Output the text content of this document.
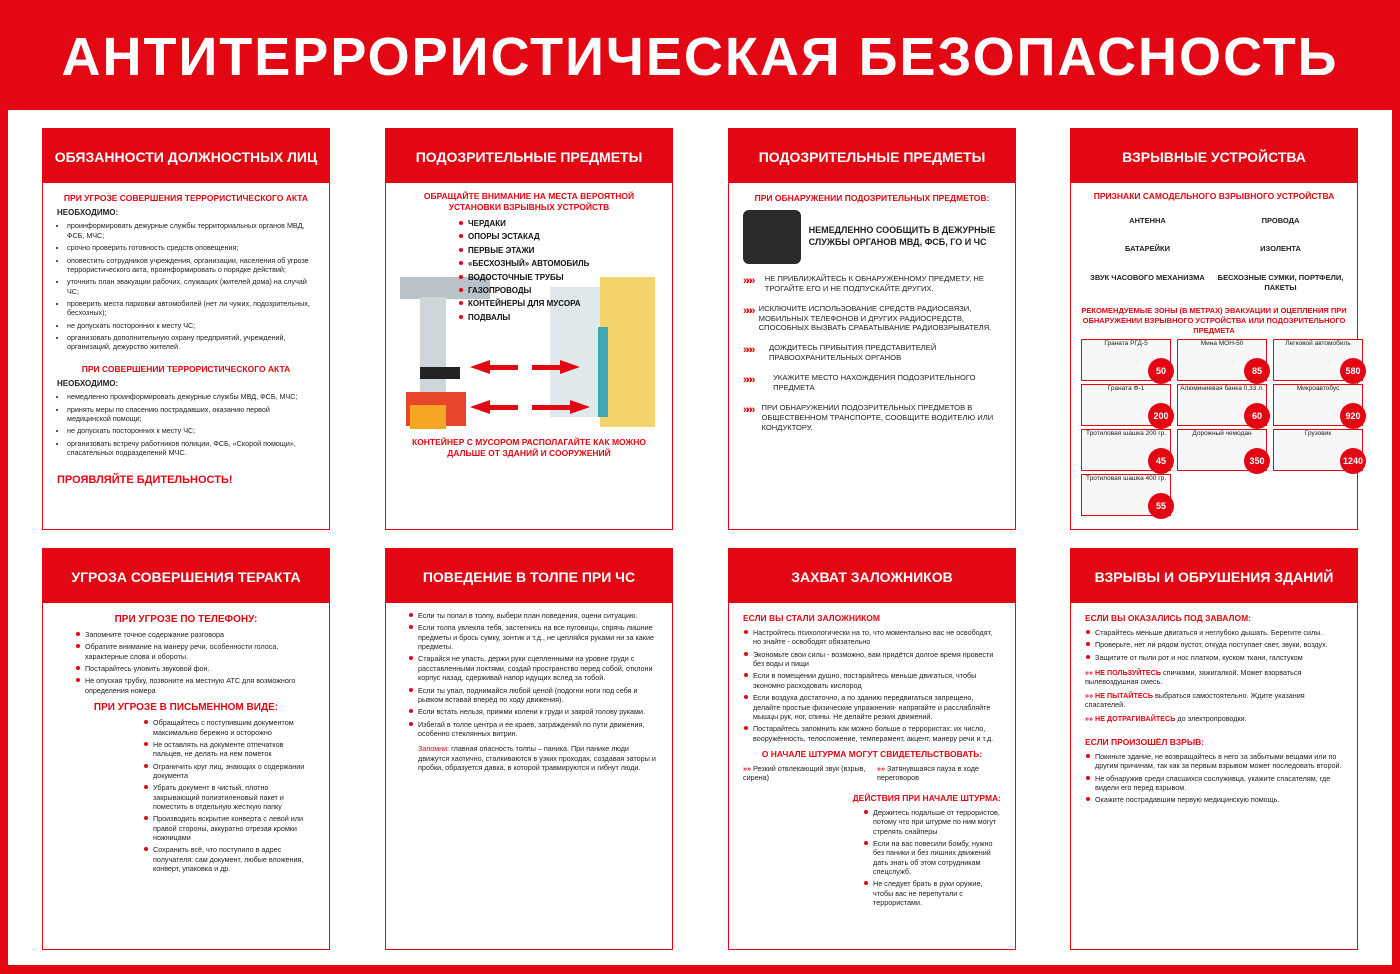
АНТИТЕРРОРИСТИЧЕСКАЯ БЕЗОПАСНОСТЬ
ОБЯЗАННОСТИ ДОЛЖНОСТНЫХ ЛИЦ
ПРИ УГРОЗЕ СОВЕРШЕНИЯ ТЕРРОРИСТИЧЕСКОГО АКТА
НЕОБХОДИМО:
• проинформировать дежурные службы территориальных органов МВД, ФСБ, МЧС;
• срочно проверить готовность средств оповещения;
• оповестить сотрудников учреждения, организации, населения об угрозе террористического акта, проинформировать о порядке действий;
• уточнить план эвакуации рабочих, служащих (жителей дома) на случай ЧС;
• проверить места парковки автомобилей (нет ли чужих, подозрительных, бесхозных);
• не допускать посторонних к месту ЧС;
• организовать дополнительную охрану предприятий, учреждений, организаций, дежурство жителей.
ПРИ СОВЕРШЕНИИ ТЕРРОРИСТИЧЕСКОГО АКТА
НЕОБХОДИМО:
• немедленно проинформировать дежурные службы МВД, ФСБ, МЧС;
• принять меры по спасению пострадавших, оказанию первой медицинской помощи;
• не допускать посторонних к месту ЧС;
• организовать встречу работников полиции, ФСБ, «Скорой помощи», спасательных подразделений МЧС.
ПРОЯВЛЯЙТЕ БДИТЕЛЬНОСТЬ!
ПОДОЗРИТЕЛЬНЫЕ ПРЕДМЕТЫ
ОБРАЩАЙТЕ ВНИМАНИЕ НА МЕСТА ВЕРОЯТНОЙ УСТАНОВКИ ВЗРЫВНЫХ УСТРОЙСТВ
ЧЕРДАКИ
ОПОРЫ ЭСТАКАД
ПЕРВЫЕ ЭТАЖИ
«БЕСХОЗНЫЙ» АВТОМОБИЛЬ
ВОДОСТОЧНЫЕ ТРУБЫ
ГАЗОПРОВОДЫ
КОНТЕЙНЕРЫ ДЛЯ МУСОРА
ПОДВАЛЫ
КОНТЕЙНЕР С МУСОРОМ РАСПОЛАГАЙТЕ КАК МОЖНО ДАЛЬШЕ ОТ ЗДАНИЙ И СООРУЖЕНИЙ
ПОДОЗРИТЕЛЬНЫЕ ПРЕДМЕТЫ
ПРИ ОБНАРУЖЕНИИ ПОДОЗРИТЕЛЬНЫХ ПРЕДМЕТОВ:
НЕМЕДЛЕННО СООБЩИТЬ В ДЕЖУРНЫЕ СЛУЖБЫ ОРГАНОВ МВД, ФСБ, ГО И ЧС
»»»	НЕ ПРИБЛИЖАЙТЕСЬ К ОБНАРУЖЕННОМУ ПРЕДМЕТУ, НЕ ТРОГАЙТЕ ЕГО И НЕ ПОДПУСКАЙТЕ ДРУГИХ.
»»» ИСКЛЮЧИТЕ ИСПОЛЬЗОВАНИЕ СРЕДСТВ РАДИОСВЯЗИ, МОБИЛЬНЫХ ТЕЛЕФОНОВ И ДРУГИХ РАДИОСРЕДСТВ, СПОСОБНЫХ ВЫЗВАТЬ СРАБАТЫВАНИЕ РАДИОВЗРЫВАТЕЛЯ.
»»»	ДОЖДИТЕСЬ ПРИБЫТИЯ ПРЕДСТАВИТЕЛЕЙ ПРАВООХРАНИТЕЛЬНЫХ ОРГАНОВ
»»»	УКАЖИТЕ МЕСТО НАХОЖДЕНИЯ ПОДОЗРИТЕЛЬНОГО ПРЕДМЕТА
»»»	ПРИ ОБНАРУЖЕНИИ ПОДОЗРИТЕЛЬНЫХ ПРЕДМЕТОВ В ОБЩЕСТВЕННОМ ТРАНСПОРТЕ, СООБЩИТЕ ВОДИТЕЛЮ ИЛИ КОНДУКТОРУ.
ВЗРЫВНЫЕ УСТРОЙСТВА
ПРИЗНАКИ САМОДЕЛЬНОГО ВЗРЫВНОГО УСТРОЙСТВА
АНТЕННА	ПРОВОДА
БАТАРЕЙКИ	ИЗОЛЕНТА
ЗВУК ЧАСОВОГО МЕХАНИЗМА	БЕСХОЗНЫЕ СУМКИ, ПОРТФЕЛИ, ПАКЕТЫ
РЕКОМЕНДУЕМЫЕ ЗОНЫ (В МЕТРАХ) ЭВАКУАЦИИ И ОЦЕПЛЕНИЯ ПРИ ОБНАРУЖЕНИИ ВЗРЫВНОГО УСТРОЙСТВА ИЛИ ПОДОЗРИТЕЛЬНОГО ПРЕДМЕТА
Граната РГД-5
50
Мина МОН-50
85
Легковой автомобиль
580
Граната Ф-1
200
Алюминиевая банка 0,33 л.
60
Микроавтобус
920
Тротиловая шашка 200 гр.
45
Дорожный чемодан
350
Грузовик
1240
Тротиловая шашка 400 гр.
55
УГРОЗА СОВЕРШЕНИЯ ТЕРАКТА
ПРИ УГРОЗЕ ПО ТЕЛЕФОНУ:
Запомните точное содержание разговора
Обратите внимание на манеру речи, особенности голоса, характерные слова и обороты.
Постарайтесь уловить звуковой фон.
Не опуская трубку, позвоните на местную АТС для возможного определения номера
ПРИ УГРОЗЕ В ПИСЬМЕННОМ ВИДЕ:
Обращайтесь с поступившим документом максимально бережно и осторожно
Не оставлять на документе отпечатков пальцев, не делать на нем пометок
Ограничить круг лиц, знающих о содержании документа
Убрать документ в чистый, плотно закрывающий полиэтиленовый пакет и поместить в отдельную жесткую папку
Производить вскрытие конверта с левой или правой стороны, аккуратно отрезая кромки ножницами
Сохранить всё, что поступило в адрес получателя: сам документ, любые вложения, конверт, упаковка и др.
ПОВЕДЕНИЕ В ТОЛПЕ ПРИ ЧС
Если ты попал в толпу, выбери план поведения, оцени ситуацию.
Если толпа увлекла тебя, застегнись на все пуговицы, спрячь лишние предметы и брось сумку, зонтик и т.д., не цепляйся руками ни за какие предметы.
Старайся не упасть, держи руки сцепленными на уровне груди с расставленными локтями, создай пространство перед собой, отклони корпус назад, сдерживай напор идущих вслед за тобой.
Если ты упал, поднимайся любой ценой (подогни ноги под себя и рывком вставай вперёд по ходу движения).
Если встать нельзя, прижми колени к груди и закрой голову руками.
Избегай в толпе центра и ее краев, заграждений по пути движения, особенно стеклянных витрин.
Запомни: главная опасность толпы – паника. При панике люди движутся хаотично, сталкиваются в узких проходах, создавая заторы и пробки, образуется давка, в которой травмируются и гибнут люди.
ЗАХВАТ ЗАЛОЖНИКОВ
ЕСЛИ ВЫ СТАЛИ ЗАЛОЖНИКОМ
Настройтесь психологически на то, что моментально вас не освободят, но знайте - освободят обязательно
Экономьте свои силы - возможно, вам придётся долгое время провести без воды и пищи
Если в помещении душно, постарайтесь меньше двигаться, чтобы экономно расходовать кислород
Если воздуха достаточно, а по зданию передвигаться запрещено, делайте простые физические упражнения- напрягайте и расслабляйте мышцы рук, ног, спины. Не делайте резких движений.
Постарайтесь запомнить как можно больше о террористах: их число, вооружённость, телосложение, темперамент, акцент, манеру речи и т.д.
О НАЧАЛЕ ШТУРМА МОГУТ СВИДЕТЕЛЬСТВОВАТЬ:
»» Резкий отвлекающий звук (взрыв, сирена)
»» Затянувшаяся пауза в ходе переговоров
ДЕЙСТВИЯ ПРИ НАЧАЛЕ ШТУРМА:
Держитесь подальше от террористов, потому что при штурме по ним могут стрелять снайперы
Если на вас повесили бомбу, нужно без паники и без лишних движений дать знать об этом сотрудникам спецслужб.
Не следует брать в руки оружие, чтобы вас не перепутали с террористами.
ВЗРЫВЫ И ОБРУШЕНИЯ ЗДАНИЙ
ЕСЛИ ВЫ ОКАЗАЛИСЬ ПОД ЗАВАЛОМ:
Старайтесь меньше двигаться и неглубоко дышать. Берегите силы.
Проверьте, нет ли рядом пустот, откуда поступает свет, звуки, воздух.
Защитите от пыли рот и нос платком, куском ткани, галстуком
»» НЕ ПОЛЬЗУЙТЕСЬ спичками, зажигалкой. Может взорваться пылевоздушная смесь.
»» НЕ ПЫТАЙТЕСЬ выбраться самостоятельно. Ждите указания спасателей.
»» НЕ ДОТРАГИВАЙТЕСЬ до электропроводки.
ЕСЛИ ПРОИЗОШЁЛ ВЗРЫВ:
Покиньте здание, не возвращайтесь в него за забытыми вещами или по другим причинам, так как за первым взрывом может последовать второй.
Не обнаружив среди спасшихся сослуживца, укажите спасателям, где видели его перед взрывом.
Окажите пострадавшим первую медицинскую помощь.
